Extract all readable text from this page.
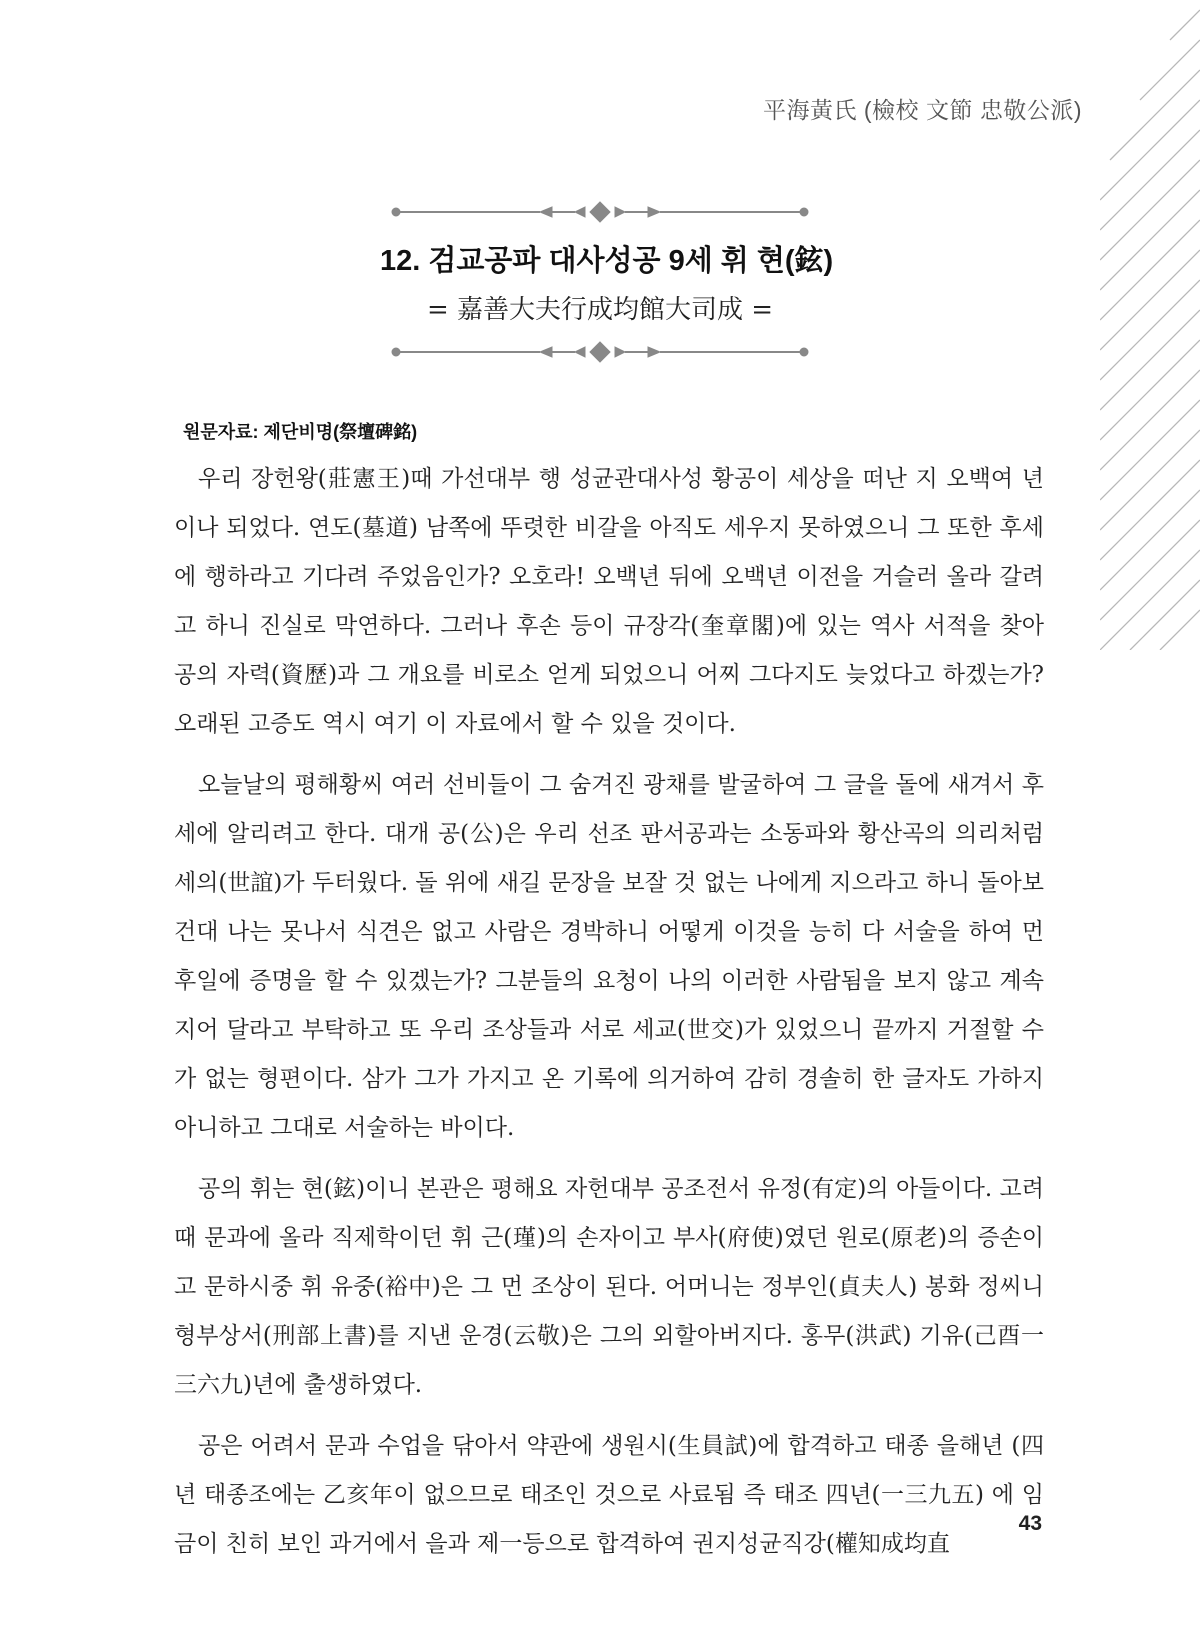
平海黃氏 (檢校 文節 忠敬公派)
12. 검교공파 대사성공 9세 휘 현(鉉)
= 嘉善大夫行成均館大司成 =
원문자료: 제단비명(祭壇碑銘)

우리 장헌왕(莊憲王)때 가선대부 행 성균관대사성 황공이 세상을 떠난 지 오백여 년이나 되었다. 연도(墓道) 남쪽에 뚜렷한 비갈을 아직도 세우지 못하였으니 그 또한 후세에 행하라고 기다려 주었음인가? 오호라! 오백년 뒤에 오백년 이전을 거슬러 올라 갈려고 하니 진실로 막연하다. 그러나 후손 등이 규장각(奎章閣)에 있는 역사 서적을 찾아 공의 자력(資歷)과 그 개요를 비로소 얻게 되었으니 어찌 그다지도 늦었다고 하겠는가? 오래된 고증도 역시 여기 이 자료에서 할 수 있을 것이다.

오늘날의 평해황씨 여러 선비들이 그 숨겨진 광채를 발굴하여 그 글을 돌에 새겨서 후세에 알리려고 한다. 대개 공(公)은 우리 선조 판서공과는 소동파와 황산곡의 의리처럼 세의(世誼)가 두터웠다. 돌 위에 새길 문장을 보잘 것 없는 나에게 지으라고 하니 돌아보건대 나는 못나서 식견은 없고 사람은 경박하니 어떻게 이것을 능히 다 서술을 하여 먼후일에 증명을 할 수 있겠는가? 그분들의 요청이 나의 이러한 사람됨을 보지 않고 계속 지어 달라고 부탁하고 또 우리 조상들과 서로 세교(世交)가 있었으니 끝까지 거절할 수가 없는 형편이다. 삼가 그가 가지고 온 기록에 의거하여 감히 경솔히 한 글자도 가하지 아니하고 그대로 서술하는 바이다.

공의 휘는 현(鉉)이니 본관은 평해요 자헌대부 공조전서 유정(有定)의 아들이다. 고려때 문과에 올라 직제학이던 휘 근(瑾)의 손자이고 부사(府使)였던 원로(原老)의 증손이고 문하시중 휘 유중(裕中)은 그 먼 조상이 된다. 어머니는 정부인(貞夫人) 봉화 정씨니 형부상서(刑部上書)를 지낸 운경(云敬)은 그의 외할아버지다. 홍무(洪武) 기유(己酉一三六九)년에 출생하였다.

공은 어려서 문과 수업을 닦아서 약관에 생원시(生員試)에 합격하고 태종 을해년 (四년 태종조에는 乙亥年이 없으므로 태조인 것으로 사료됨 즉 태조 四년(一三九五) 에 임금이 친히 보인 과거에서 을과 제一등으로 합격하여 권지성균직강(權知成均直

43
